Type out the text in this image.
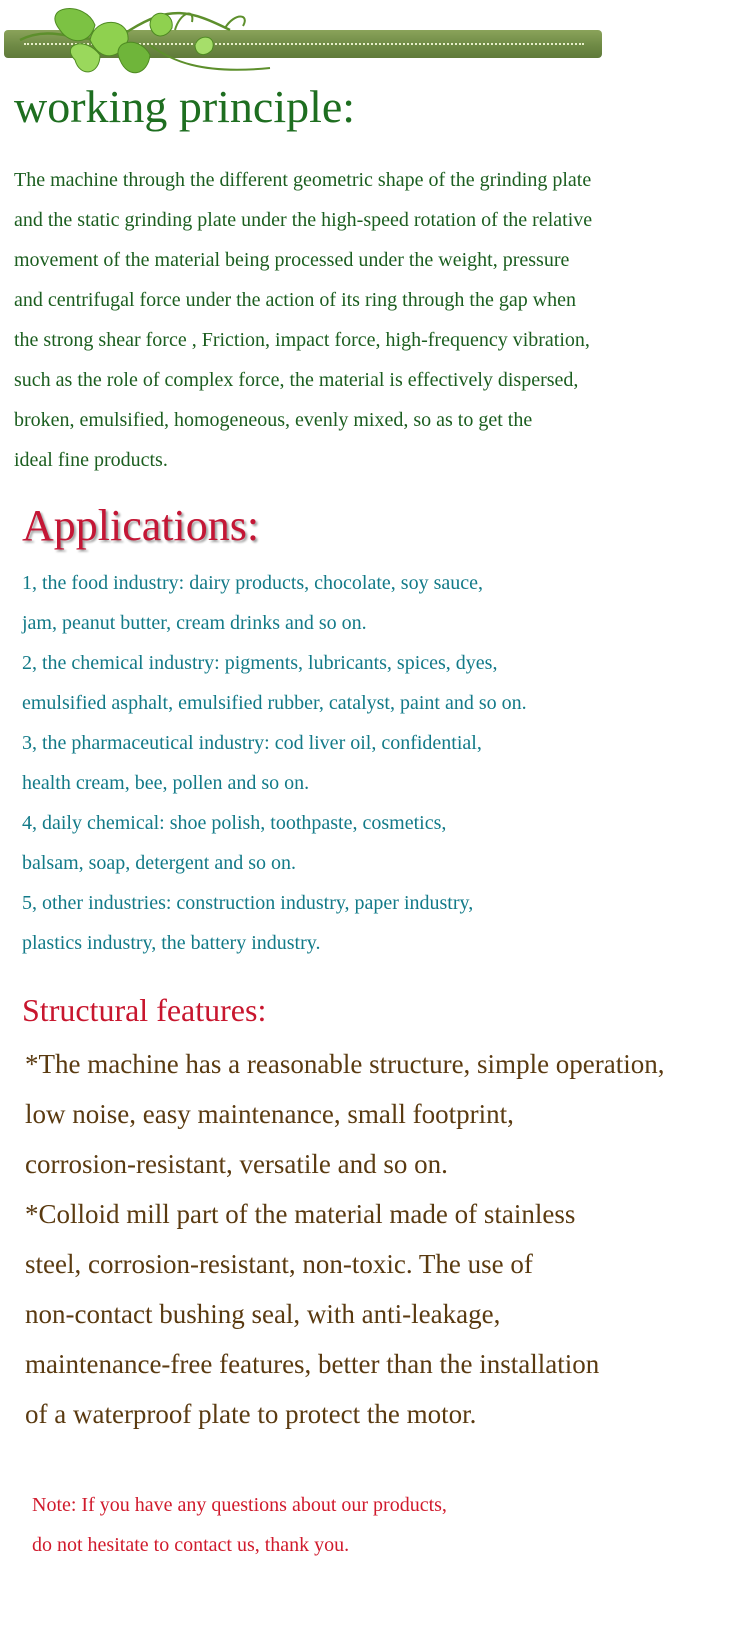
working principle:

The machine through the different geometric shape of the grinding plate
and the static grinding plate under the high-speed rotation of the relative
movement of the material being processed under the weight, pressure
and centrifugal force under the action of its ring through the gap when
the strong shear force , Friction, impact force, high-frequency vibration,
such as the role of complex force, the material is effectively dispersed,
broken, emulsified, homogeneous, evenly mixed, so as to get the
ideal fine products.

Applications:
1, the food industry: dairy products, chocolate, soy sauce,
jam, peanut butter, cream drinks and so on.
2, the chemical industry: pigments, lubricants, spices, dyes,
emulsified asphalt, emulsified rubber, catalyst, paint and so on.
3, the pharmaceutical industry: cod liver oil, confidential,
health cream, bee, pollen and so on.
4, daily chemical: shoe polish, toothpaste, cosmetics,
balsam, soap, detergent and so on.
5, other industries: construction industry, paper industry,
plastics industry, the battery industry.
Structural features:

*The machine has a reasonable structure, simple operation,
low noise, easy maintenance, small footprint,
corrosion-resistant, versatile and so on.
*Colloid mill part of the material made of stainless
steel, corrosion-resistant, non-toxic. The use of
non-contact bushing seal, with anti-leakage,
maintenance-free features, better than the installation
of a waterproof plate to protect the motor.

Note: If you have any questions about our products,
do not hesitate to contact us, thank you.
